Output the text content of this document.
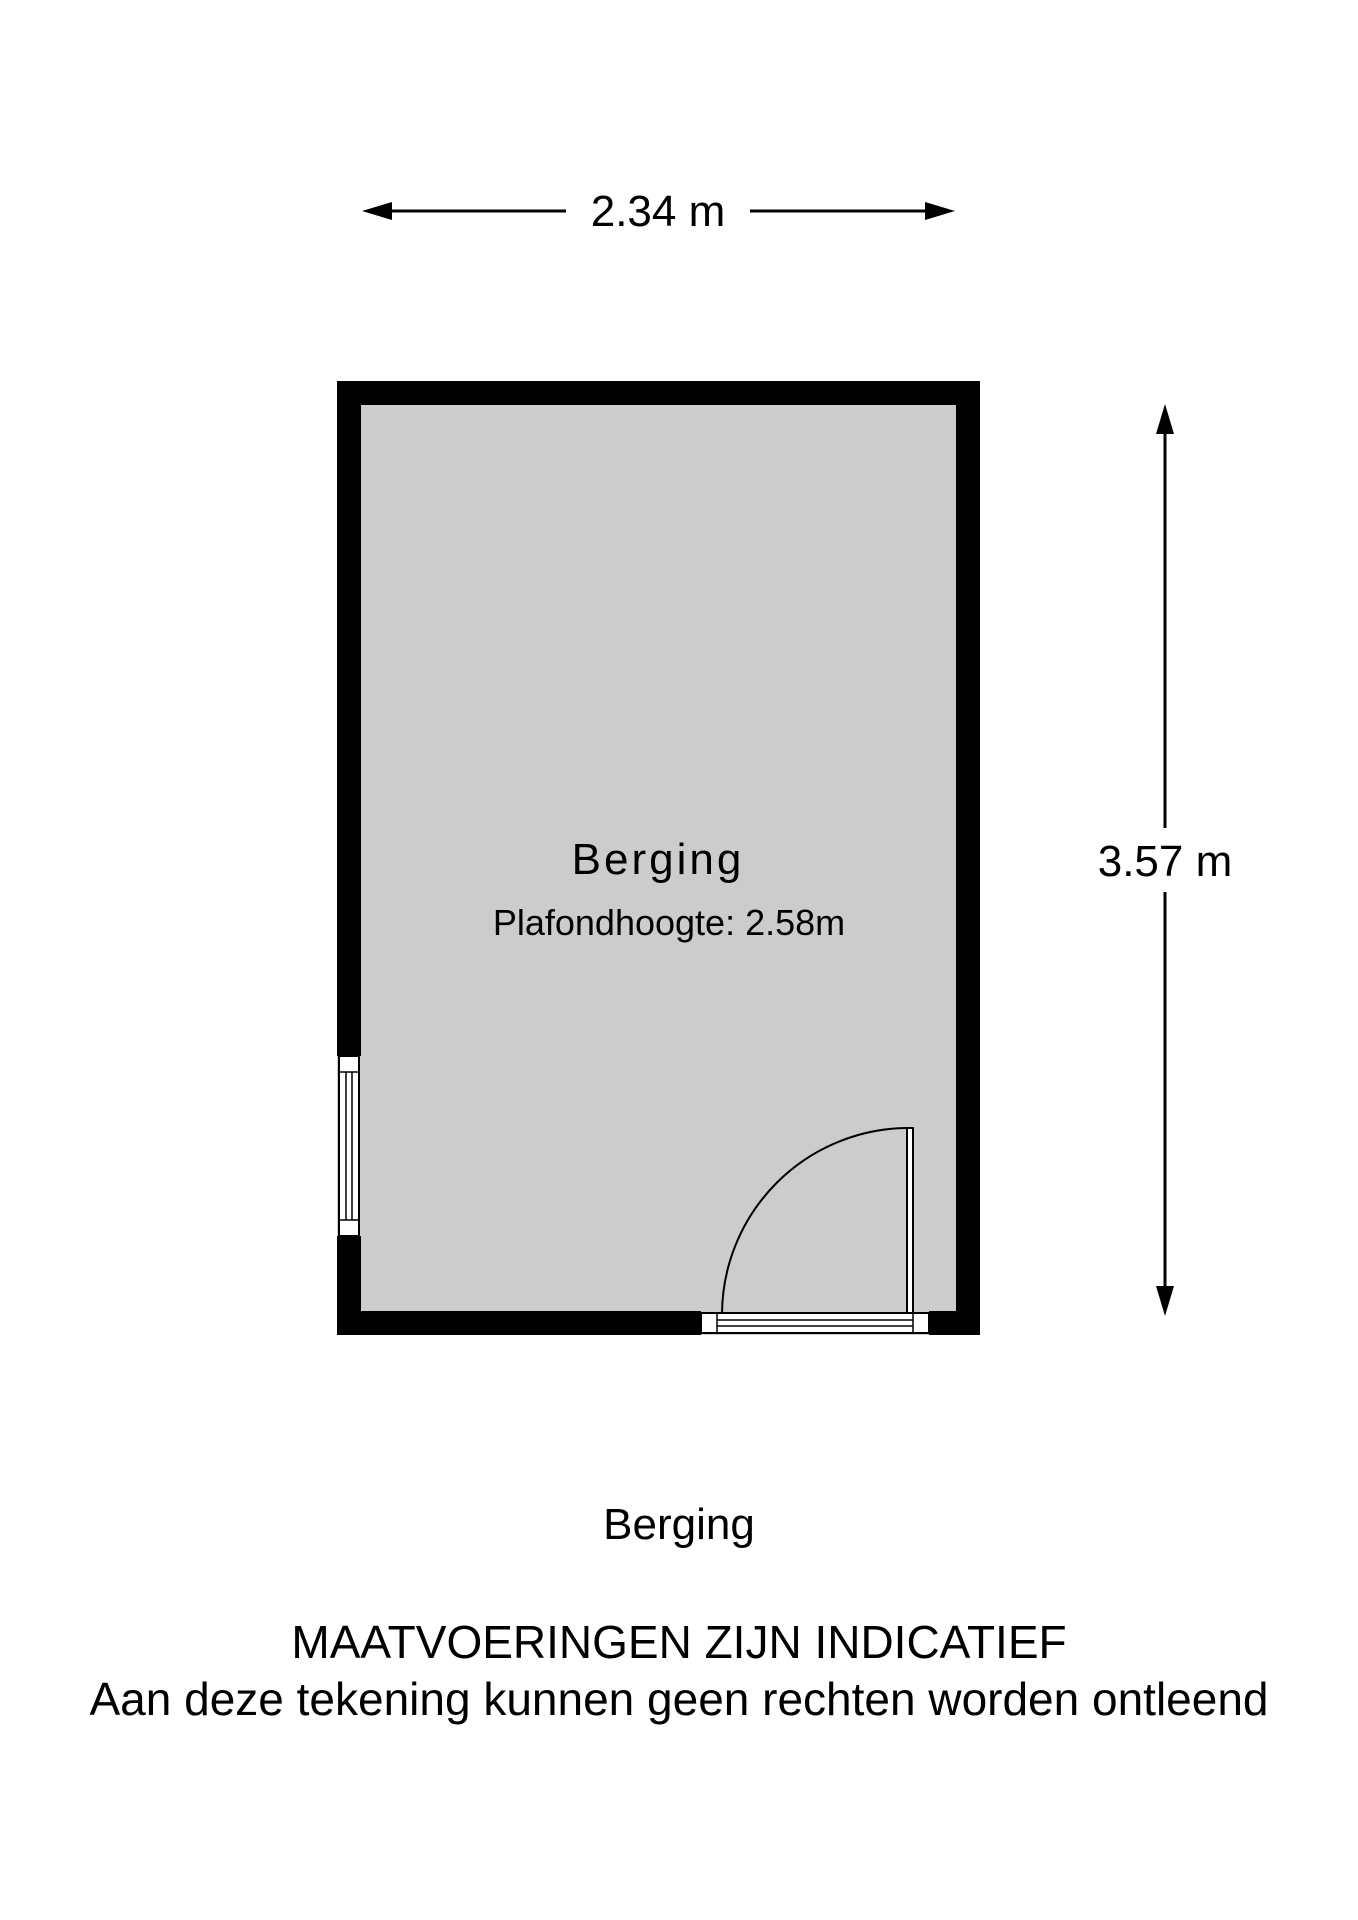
2.34 m
3.57 m
Berging
Plafondhoogte: 2.58m
Berging
MAATVOERINGEN ZIJN INDICATIEF
Aan deze tekening kunnen geen rechten worden ontleend
